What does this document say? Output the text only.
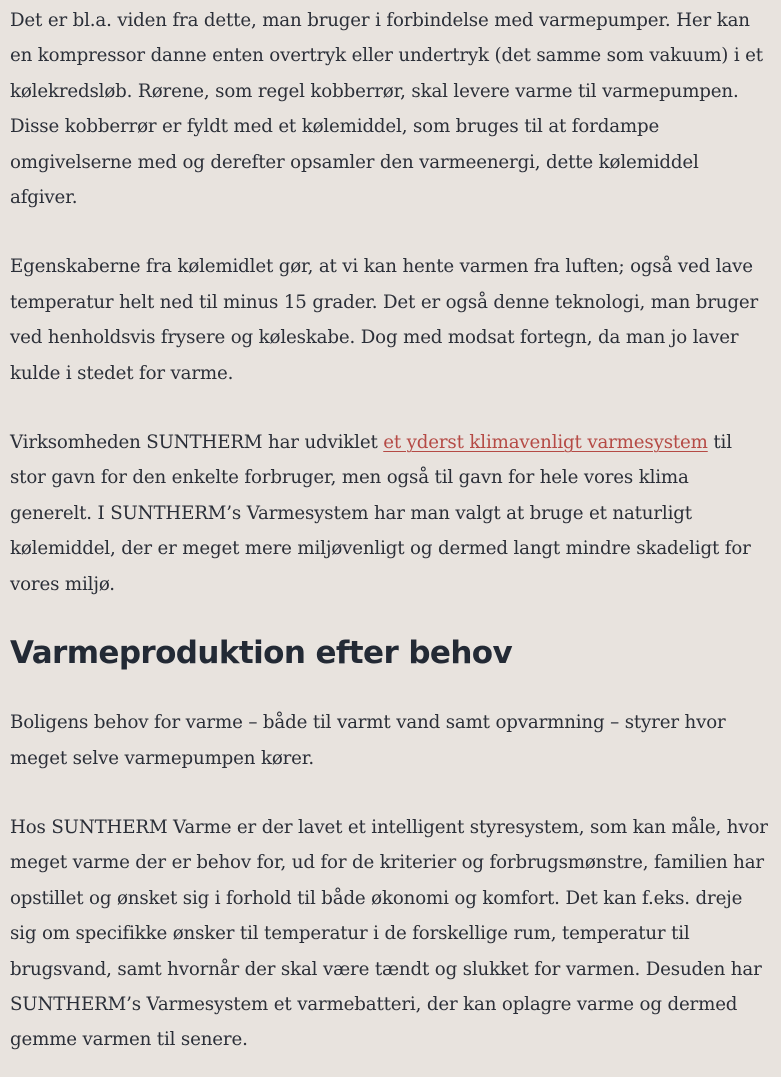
Det er bl.a. viden fra dette, man bruger i forbindelse med varmepumper. Her kan en kompressor danne enten overtryk eller undertryk (det samme som vakuum) i et kølekredsløb. Rørene, som regel kobberrør, skal levere varme til varmepumpen. Disse kobberrør er fyldt med et kølemiddel, som bruges til at fordampe omgivelserne med og derefter opsamler den varmeenergi, dette kølemiddel afgiver.

Egenskaberne fra kølemidlet gør, at vi kan hente varmen fra luften; også ved lave temperatur helt ned til minus 15 grader. Det er også denne teknologi, man bruger ved henholdsvis frysere og køleskabe. Dog med modsat fortegn, da man jo laver kulde i stedet for varme.

Virksomheden SUNTHERM har udviklet et yderst klimavenligt varmesystem til stor gavn for den enkelte forbruger, men også til gavn for hele vores klima generelt. I SUNTHERM’s Varmesystem har man valgt at bruge et naturligt kølemiddel, der er meget mere miljøvenligt og dermed langt mindre skadeligt for vores miljø.

Varmeproduktion efter behov

Boligens behov for varme – både til varmt vand samt opvarmning – styrer hvor meget selve varmepumpen kører.

Hos SUNTHERM Varme er der lavet et intelligent styresystem, som kan måle, hvor meget varme der er behov for, ud for de kriterier og forbrugsmønstre, familien har opstillet og ønsket sig i forhold til både økonomi og komfort. Det kan f.eks. dreje sig om specifikke ønsker til temperatur i de forskellige rum, temperatur til brugsvand, samt hvornår der skal være tændt og slukket for varmen. Desuden har SUNTHERM’s Varmesystem et varmebatteri, der kan oplagre varme og dermed gemme varmen til senere.
